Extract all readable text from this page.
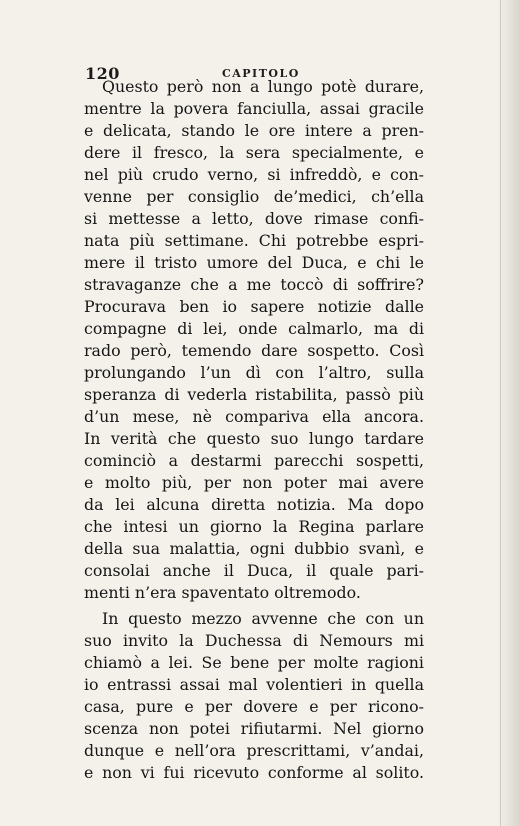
120	CAPITOLO
Questo però non a lungo potè durare,
mentre la povera fanciulla, assai gracile
e delicata, stando le ore intere a pren-
dere il fresco, la sera specialmente, e
nel più crudo verno, si infreddò, e con-
venne per consiglio de’medici, ch’ella
si mettesse a letto, dove rimase confi-
nata più settimane. Chi potrebbe espri-
mere il tristo umore del Duca, e chi le
stravaganze che a me toccò di soffrire?
Procurava ben io sapere notizie dalle
compagne di lei, onde calmarlo, ma di
rado però, temendo dare sospetto. Così
prolungando l’un dì con l’altro, sulla
speranza di vederla ristabilita, passò più
d’un mese, nè compariva ella ancora.
In verità che questo suo lungo tardare
cominciò a destarmi parecchi sospetti,
e molto più, per non poter mai avere
da lei alcuna diretta notizia. Ma dopo
che intesi un giorno la Regina parlare
della sua malattia, ogni dubbio svanì, e
consolai anche il Duca, il quale pari-
menti n’era spaventato oltremodo.
In questo mezzo avvenne che con un
suo invito la Duchessa di Nemours mi
chiamò a lei. Se bene per molte ragioni
io entrassi assai mal volentieri in quella
casa, pure e per dovere e per ricono-
scenza non potei rifiutarmi. Nel giorno
dunque e nell’ora prescrittami, v’andai,
e non vi fui ricevuto conforme al solito.
